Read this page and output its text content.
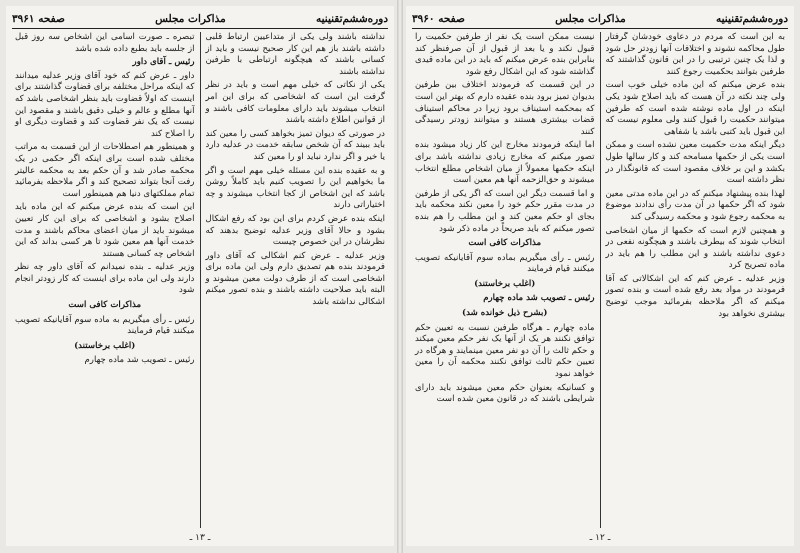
دوره‌ششم‌تقنینیه
مذاکرات مجلس
صفحه ۳۹۶۱

نداشته باشند ولی یکی از متداعیین ارتباط قلبی داشته باشند باز هم این کار صحیح نیست و باید از کسانی باشند که هیچگونه ارتباطی با طرفین نداشته باشند

یکی از نکاتی که خیلی مهم است و باید در نظر گرفت این است که اشخاصی که برای این امر انتخاب میشوند باید دارای معلومات کافی باشند و از قوانین اطلاع داشته باشند

در صورتی که دیوان تمیز بخواهد کسی را معین کند باید ببیند که آن شخص سابقه خدمت در عدلیه دارد یا خیر و اگر ندارد نباید او را معین کند

و به عقیده بنده این مسئله خیلی مهم است و اگر ما بخواهیم این را تصویب کنیم باید کاملاً روشن باشد که این اشخاص از کجا انتخاب میشوند و چه اختیاراتی دارند

اینکه بنده عرض کردم برای این بود که رفع اشکال بشود و حالا آقای وزیر عدلیه توضیح بدهند که نظرشان در این خصوص چیست

وزیر عدلیه ـ عرض کنم اشکالی که آقای داور فرمودند بنده هم تصدیق دارم ولی این ماده برای اشخاصی است که از طرف دولت معین میشوند و البته باید صلاحیت داشته باشند و بنده تصور میکنم اشکالی نداشته باشد

تبصره ـ صورت اسامی این اشخاص سه روز قبل از جلسه باید بطبع داده شده باشد

رئیس ـ آقای داور

داور ـ عرض کنم که خود آقای وزیر عدلیه میدانند که اینکه مراحل مختلفه برای قضاوت گذاشتند برای اینست که اولاً قضاوت باید بنظر اشخاصی باشد که آنها مطلع و عالم و خیلی دقیق باشند و مقصود این نیست که یک نفر قضاوت کند و قضاوت دیگری او را اصلاح کند

و همینطور هم اصطلاحات از این قسمت به مراتب مختلف شده است برای اینکه اگر حکمی در یک محکمه صادر شد و آن حکم بعد به محکمه عالیتر رفت آنجا بتواند تصحیح کند و اگر ملاحظه بفرمائید تمام مملکتهای دنیا هم همینطور است

این است که بنده عرض میکنم که این ماده باید اصلاح بشود و اشخاصی که برای این کار تعیین میشوند باید از میان اعضای محاکم باشند و مدت خدمت آنها هم معین شود تا هر کسی بداند که این اشخاص چه کسانی هستند

وزیر عدلیه ـ بنده نمیدانم که آقای داور چه نظر دارند ولی این ماده برای اینست که کار زودتر انجام شود

مذاکرات کافی است

رئیس ـ رأی میگیریم به ماده سوم آقایانیکه تصویب میکنند قیام فرمایند

(اغلب برخاستند)

رئیس ـ تصویب شد ماده چهارم

ـ ۱۳ ـ
دوره‌ششم‌تقنینیه
مذاکرات مجلس
صفحه ۳۹۶۰

به این است که مردم در دعاوی خودشان گرفتار طول محاکمه نشوند و اختلافات آنها زودتر حل شود و لذا یک چنین ترتیبی را در این قانون گذاشتند که طرفین بتوانند بحکمیت رجوع کنند

بنده عرض میکنم که این ماده خیلی خوب است ولی چند نکته در آن هست که باید اصلاح شود یکی اینکه در اول ماده نوشته شده است که طرفین میتوانند حکمیت را قبول کنند ولی معلوم نیست که این قبول باید کتبی باشد یا شفاهی

دیگر اینکه مدت حکمیت معین نشده است و ممکن است یکی از حکمها مسامحه کند و کار سالها طول بکشد و این بر خلاف مقصود است که قانونگذار در نظر داشته است

لهذا بنده پیشنهاد میکنم که در این ماده مدتی معین شود که اگر حکمها در آن مدت رأی ندادند موضوع به محکمه رجوع شود و محکمه رسیدگی کند

و همچنین لازم است که حکمها از میان اشخاصی انتخاب شوند که بیطرف باشند و هیچگونه نفعی در دعوی نداشته باشند و این مطلب را هم باید در ماده تصریح کرد

وزیر عدلیه ـ عرض کنم که این اشکالاتی که آقا فرمودند در مواد بعد رفع شده است و بنده تصور میکنم که اگر ملاحظه بفرمائید موجب توضیح بیشتری نخواهد بود

نیست ممکن است یک نفر از طرفین حکمیت را قبول نکند و یا بعد از قبول از آن صرفنظر کند بنابراین بنده عرض میکنم که باید در این ماده قیدی گذاشته شود که این اشکال رفع شود

در این قسمت که فرمودند اختلاف بین طرفین بدیوان تمیز برود بنده عقیده دارم که بهتر این است که بمحکمه استیناف برود زیرا در محاکم استیناف قضات بیشتری هستند و میتوانند زودتر رسیدگی کنند

اما اینکه فرمودند مخارج این کار زیاد میشود بنده تصور میکنم که مخارج زیادی نداشته باشد برای اینکه حکمها معمولاً از میان اشخاص مطلع انتخاب میشوند و حق‌الزحمه آنها هم معین است

و اما قسمت دیگر این است که اگر یکی از طرفین در مدت مقرر حکم خود را معین نکند محکمه باید بجای او حکم معین کند و این مطلب را هم بنده تصور میکنم که باید صریحاً در ماده ذکر شود

مذاکرات کافی است

رئیس ـ رأی میگیریم بماده سوم آقایانیکه تصویب میکنند قیام فرمایند

(اغلب برخاستند)

رئیس ـ تصویب شد ماده چهارم

(بشرح ذیل خوانده شد)

ماده چهارم ـ هرگاه طرفین نسبت به تعیین حکم توافق نکنند هر یک از آنها یک نفر حکم معین میکند و حکم ثالث را آن دو نفر معین مینمایند و هرگاه در تعیین حکم ثالث توافق نکنند محکمه آن را معین خواهد نمود

و کسانیکه بعنوان حکم معین میشوند باید دارای شرایطی باشند که در قانون معین شده است

ـ ۱۲ ـ
